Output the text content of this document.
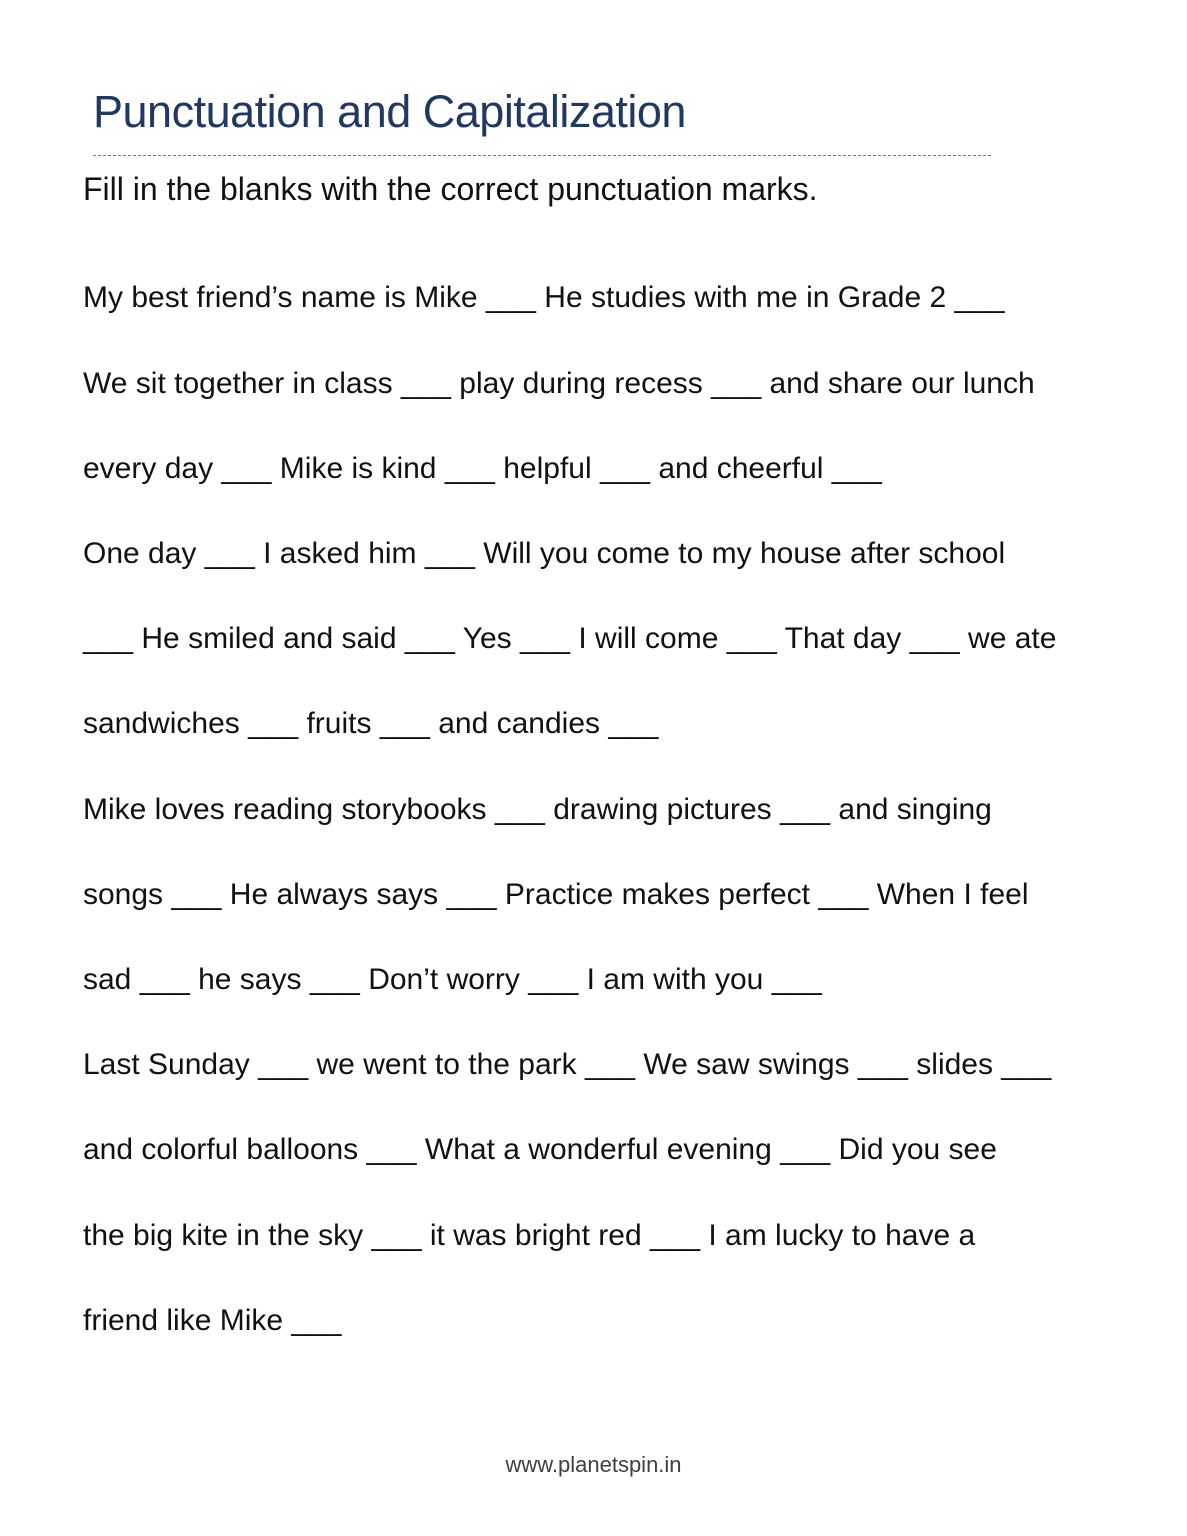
Punctuation and Capitalization

Fill in the blanks with the correct punctuation marks.

My best friend’s name is Mike ___ He studies with me in Grade 2 ___

We sit together in class ___ play during recess ___ and share our lunch

every day ___ Mike is kind ___ helpful ___ and cheerful ___

One day ___ I asked him ___ Will you come to my house after school

___ He smiled and said ___ Yes ___ I will come ___ That day ___ we ate

sandwiches ___ fruits ___ and candies ___

Mike loves reading storybooks ___ drawing pictures ___ and singing

songs ___ He always says ___ Practice makes perfect ___ When I feel

sad ___ he says ___ Don’t worry ___ I am with you ___

Last Sunday ___ we went to the park ___ We saw swings ___ slides ___

and colorful balloons ___ What a wonderful evening ___ Did you see

the big kite in the sky ___ it was bright red ___ I am lucky to have a

friend like Mike ___

www.planetspin.in
